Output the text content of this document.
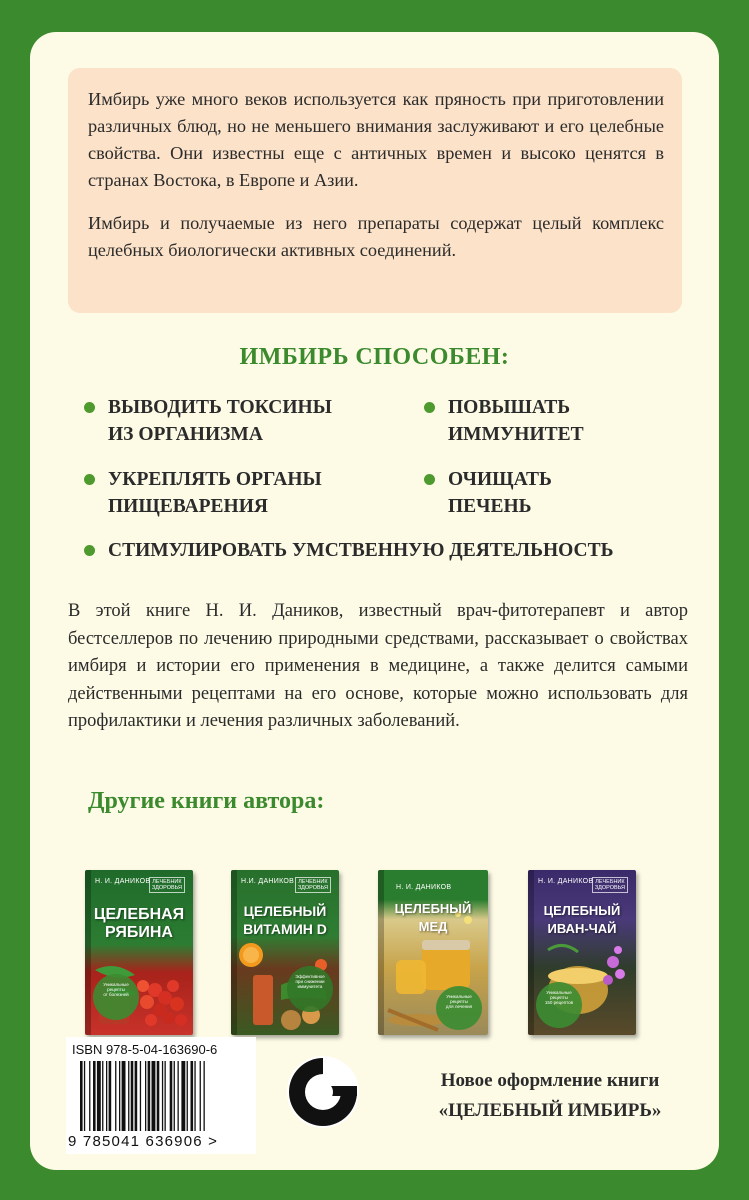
Имбирь уже много веков используется как пряность при приготовлении различных блюд, но не меньшего внимания заслуживают и его целебные свойства. Они известны еще с античных времен и высоко ценятся в странах Востока, в Европе и Азии.

Имбирь и получаемые из него препараты содержат целый комплекс целебных биологически активных соединений.

ИМБИРЬ СПОСОБЕН:
ВЫВОДИТЬ ТОКСИНЫ
ИЗ ОРГАНИЗМА
ПОВЫШАТЬ
ИММУНИТЕТ
УКРЕПЛЯТЬ ОРГАНЫ
ПИЩЕВАРЕНИЯ
ОЧИЩАТЬ
ПЕЧЕНЬ
СТИМУЛИРОВАТЬ УМСТВЕННУЮ ДЕЯТЕЛЬНОСТЬ

В этой книге Н. И. Даников, известный врач-фитотерапевт и автор бестселлеров по лечению природными средствами, рассказывает о свойствах имбиря и истории его применения в медицине, а также делится самыми действенными рецептами на его основе, которые можно использовать для профилактики и лечения различных заболеваний.

Другие книги автора:
Н. И. ДАНИКОВ ЛЕЧЕБНИК
ЗДОРОВЬЯ
ЦЕЛЕБНАЯ
РЯБИНА
Уникальные
рецепты
от болезней
Н.И. ДАНИКОВ ЛЕЧЕБНИК
ЗДОРОВЬЯ
ЦЕЛЕБНЫЙ
ВИТАМИН D
Эффективное
при снижении
иммунитета
Н. И. ДАНИКОВ
ЦЕЛЕБНЫЙ
МЕД
Уникальные
рецепты
для лечения
Н. И. ДАНИКОВ ЛЕЧЕБНИК
ЗДОРОВЬЯ
ЦЕЛЕБНЫЙ
ИВАН-ЧАЙ
Уникальные
рецепты
150 рецептов
ISBN 978-5-04-163690-6
9 785041 636906 >
Новое оформление книги
«ЦЕЛЕБНЫЙ ИМБИРЬ»
